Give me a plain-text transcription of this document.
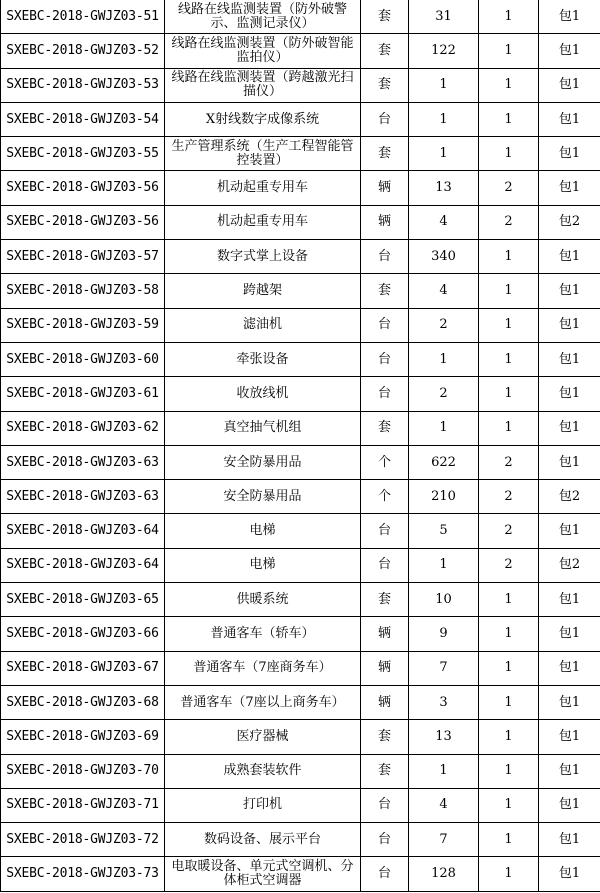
SXEBC-2018-GWJZ03-51	线路在线监测装置（防外破警示、监测记录仪）	套	31	1	包1
SXEBC-2018-GWJZ03-52	线路在线监测装置（防外破智能监拍仪）	套	122	1	包1
SXEBC-2018-GWJZ03-53	线路在线监测装置（跨越激光扫描仪）	套	1	1	包1
SXEBC-2018-GWJZ03-54	X射线数字成像系统	台	1	1	包1
SXEBC-2018-GWJZ03-55	生产管理系统（生产工程智能管控装置）	套	1	1	包1
SXEBC-2018-GWJZ03-56	机动起重专用车	辆	13	2	包1
SXEBC-2018-GWJZ03-56	机动起重专用车	辆	4	2	包2
SXEBC-2018-GWJZ03-57	数字式掌上设备	台	340	1	包1
SXEBC-2018-GWJZ03-58	跨越架	套	4	1	包1
SXEBC-2018-GWJZ03-59	滤油机	台	2	1	包1
SXEBC-2018-GWJZ03-60	牵张设备	台	1	1	包1
SXEBC-2018-GWJZ03-61	收放线机	台	2	1	包1
SXEBC-2018-GWJZ03-62	真空抽气机组	套	1	1	包1
SXEBC-2018-GWJZ03-63	安全防暴用品	个	622	2	包1
SXEBC-2018-GWJZ03-63	安全防暴用品	个	210	2	包2
SXEBC-2018-GWJZ03-64	电梯	台	5	2	包1
SXEBC-2018-GWJZ03-64	电梯	台	1	2	包2
SXEBC-2018-GWJZ03-65	供暖系统	套	10	1	包1
SXEBC-2018-GWJZ03-66	普通客车（轿车）	辆	9	1	包1
SXEBC-2018-GWJZ03-67	普通客车（7座商务车）	辆	7	1	包1
SXEBC-2018-GWJZ03-68	普通客车（7座以上商务车）	辆	3	1	包1
SXEBC-2018-GWJZ03-69	医疗器械	套	13	1	包1
SXEBC-2018-GWJZ03-70	成熟套装软件	套	1	1	包1
SXEBC-2018-GWJZ03-71	打印机	台	4	1	包1
SXEBC-2018-GWJZ03-72	数码设备、展示平台	台	7	1	包1
SXEBC-2018-GWJZ03-73	电取暖设备、单元式空调机、分体柜式空调器	台	128	1	包1
